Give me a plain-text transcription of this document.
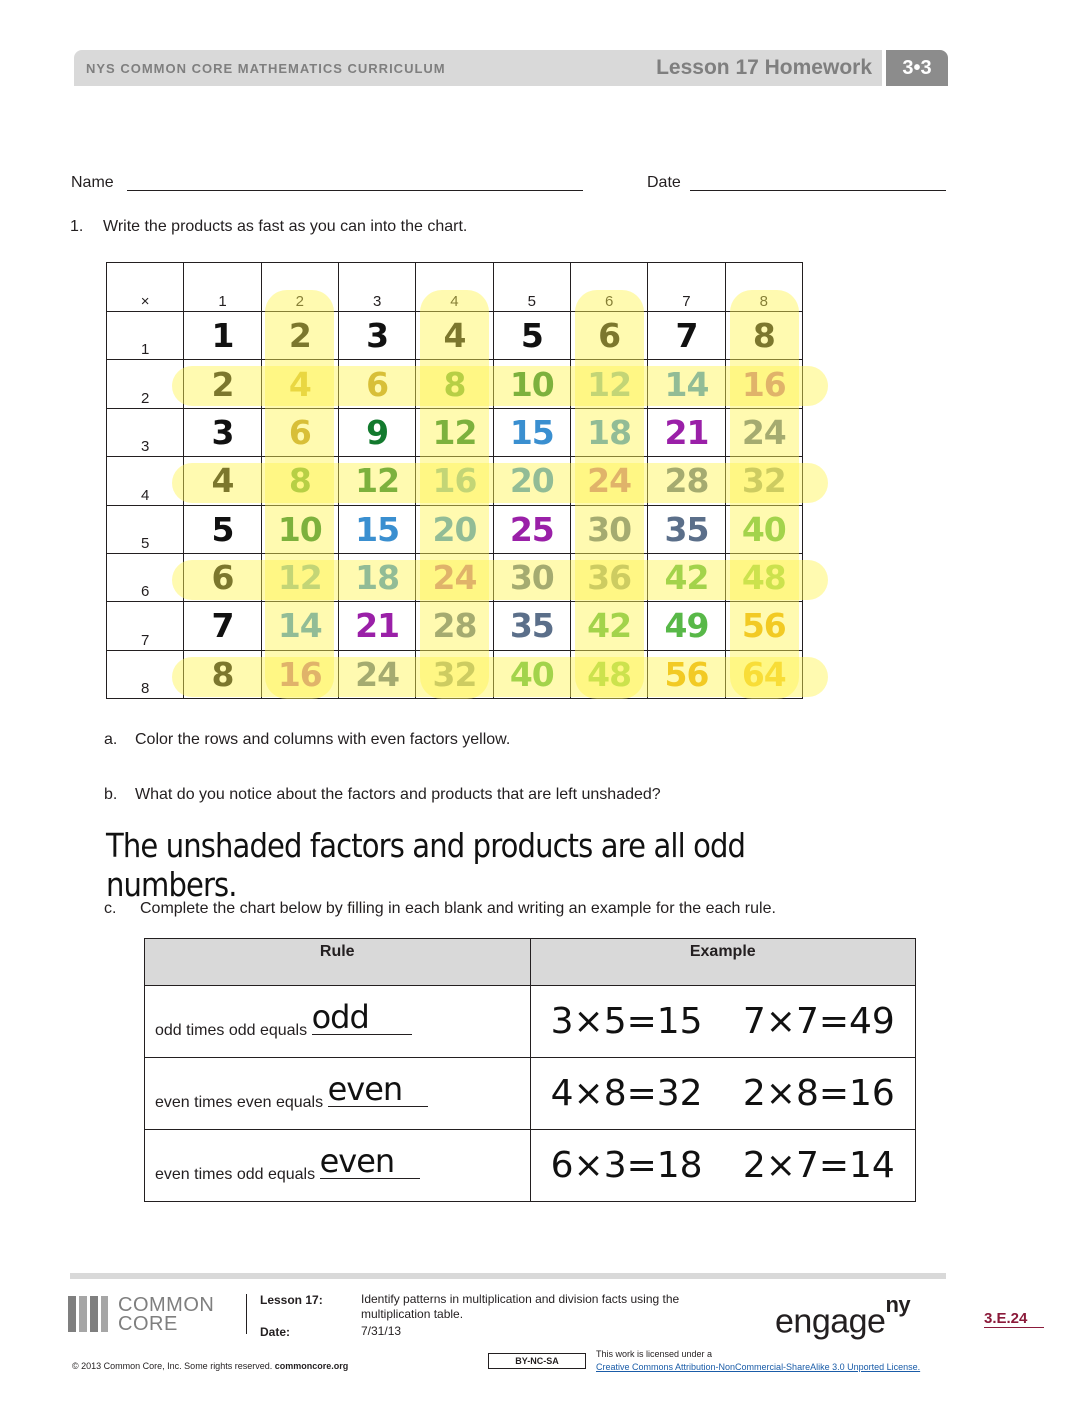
NYS COMMON CORE MATHEMATICS CURRICULUM	Lesson 17 Homework	3•3
Name	Date
1. Write the products as fast as you can into the chart.
×	1	2	3	4	5	6	7	8
1	1	2	3	4	5	6	7	8
2	2	4	6	8	10	12	14	16
3	3	6	9	12	15	18	21	24
4	4	8	12	16	20	24	28	32
5	5	10	15	20	25	30	35	40
6	6	12	18	24	30	36	42	48
7	7	14	21	28	35	42	49	56
8	8	16	24	32	40	48	56	64
a. Color the rows and columns with even factors yellow.
b. What do you notice about the factors and products that are left unshaded?
The unshaded factors and products are all odd numbers.
c. Complete the chart below by filling in each blank and writing an example for the each rule.
Rule	Example
odd times odd equals odd	3×5=15 7×7=49

even times even equals even	4×8=32 2×8=16

even times odd equals even	6×3=18 2×7=14
COMMON
CORE
Lesson 17:	Identify patterns in multiplication and division facts using the multiplication table.
Date:	7/31/13	engage$^{ny}$
3.E.24
© 2013 Common Core, Inc. Some rights reserved. commoncore.org	BY-NC-SA
This work is licensed under a
Creative Commons Attribution-NonCommercial-ShareAlike 3.0 Unported License.
